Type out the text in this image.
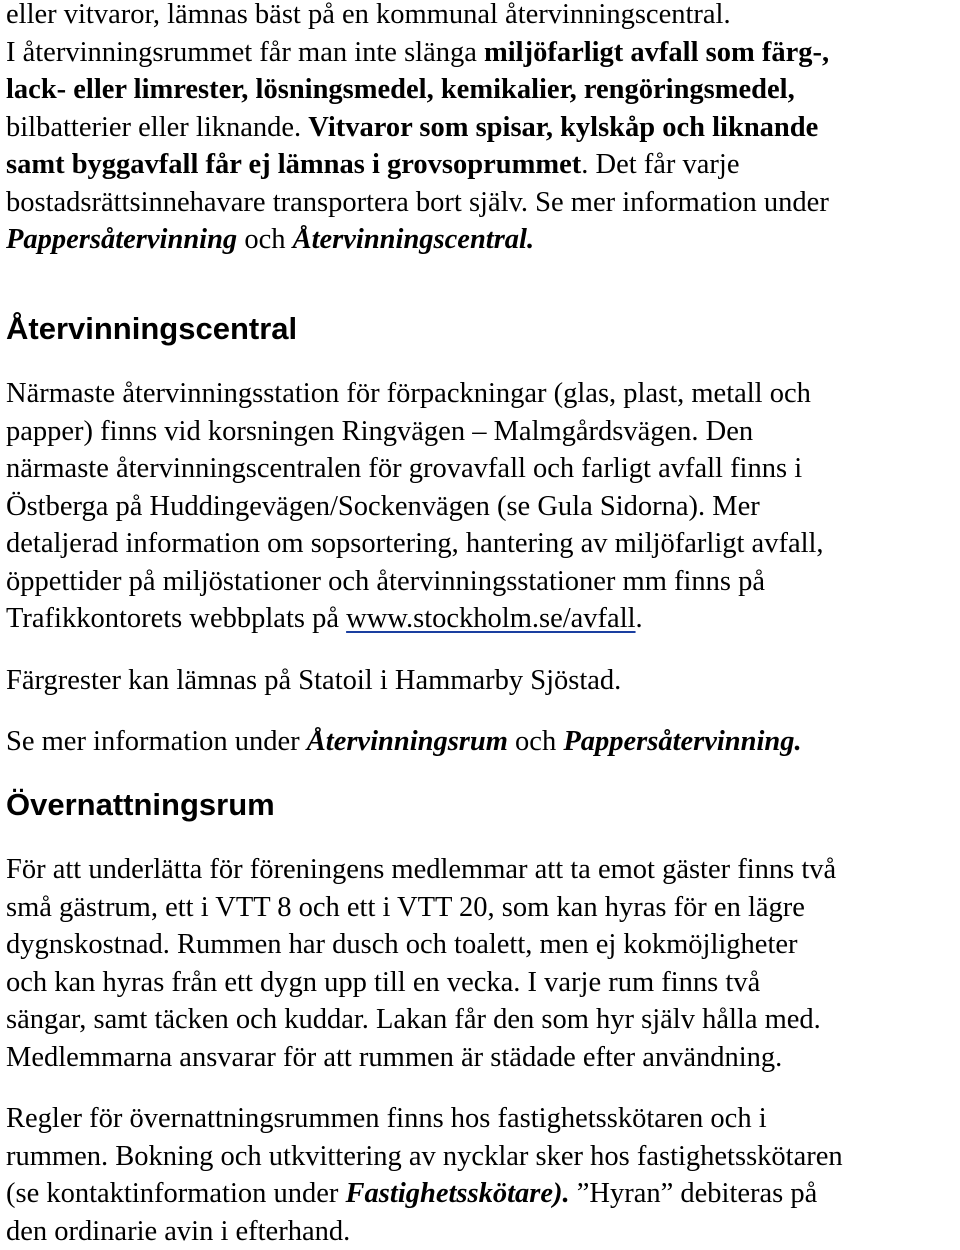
eller vitvaror, lämnas bäst på en kommunal återvinningscentral.
I återvinningsrummet får man inte slänga miljöfarligt avfall som färg-,
lack- eller limrester, lösningsmedel, kemikalier, rengöringsmedel,
bilbatterier eller liknande. Vitvaror som spisar, kylskåp och liknande
samt byggavfall får ej lämnas i grovsoprummet. Det får varje
bostadsrättsinnehavare transportera bort själv. Se mer information under
Pappersåtervinning och Återvinningscentral.

Återvinningscentral

Närmaste återvinningsstation för förpackningar (glas, plast, metall och
papper) finns vid korsningen Ringvägen – Malmgårdsvägen. Den
närmaste återvinningscentralen för grovavfall och farligt avfall finns i
Östberga på Huddingevägen/Sockenvägen (se Gula Sidorna). Mer
detaljerad information om sopsortering, hantering av miljöfarligt avfall,
öppettider på miljöstationer och återvinningsstationer mm finns på
Trafikkontorets webbplats på www.stockholm.se/avfall.

Färgrester kan lämnas på Statoil i Hammarby Sjöstad.

Se mer information under Återvinningsrum och Pappersåtervinning.

Övernattningsrum

För att underlätta för föreningens medlemmar att ta emot gäster finns två
små gästrum, ett i VTT 8 och ett i VTT 20, som kan hyras för en lägre
dygnskostnad. Rummen har dusch och toalett, men ej kokmöjligheter
och kan hyras från ett dygn upp till en vecka. I varje rum finns två
sängar, samt täcken och kuddar. Lakan får den som hyr själv hålla med.
Medlemmarna ansvarar för att rummen är städade efter användning.

Regler för övernattningsrummen finns hos fastighetsskötaren och i
rummen. Bokning och utkvittering av nycklar sker hos fastighetsskötaren
(se kontaktinformation under Fastighetsskötare). ”Hyran” debiteras på
den ordinarie avin i efterhand.
